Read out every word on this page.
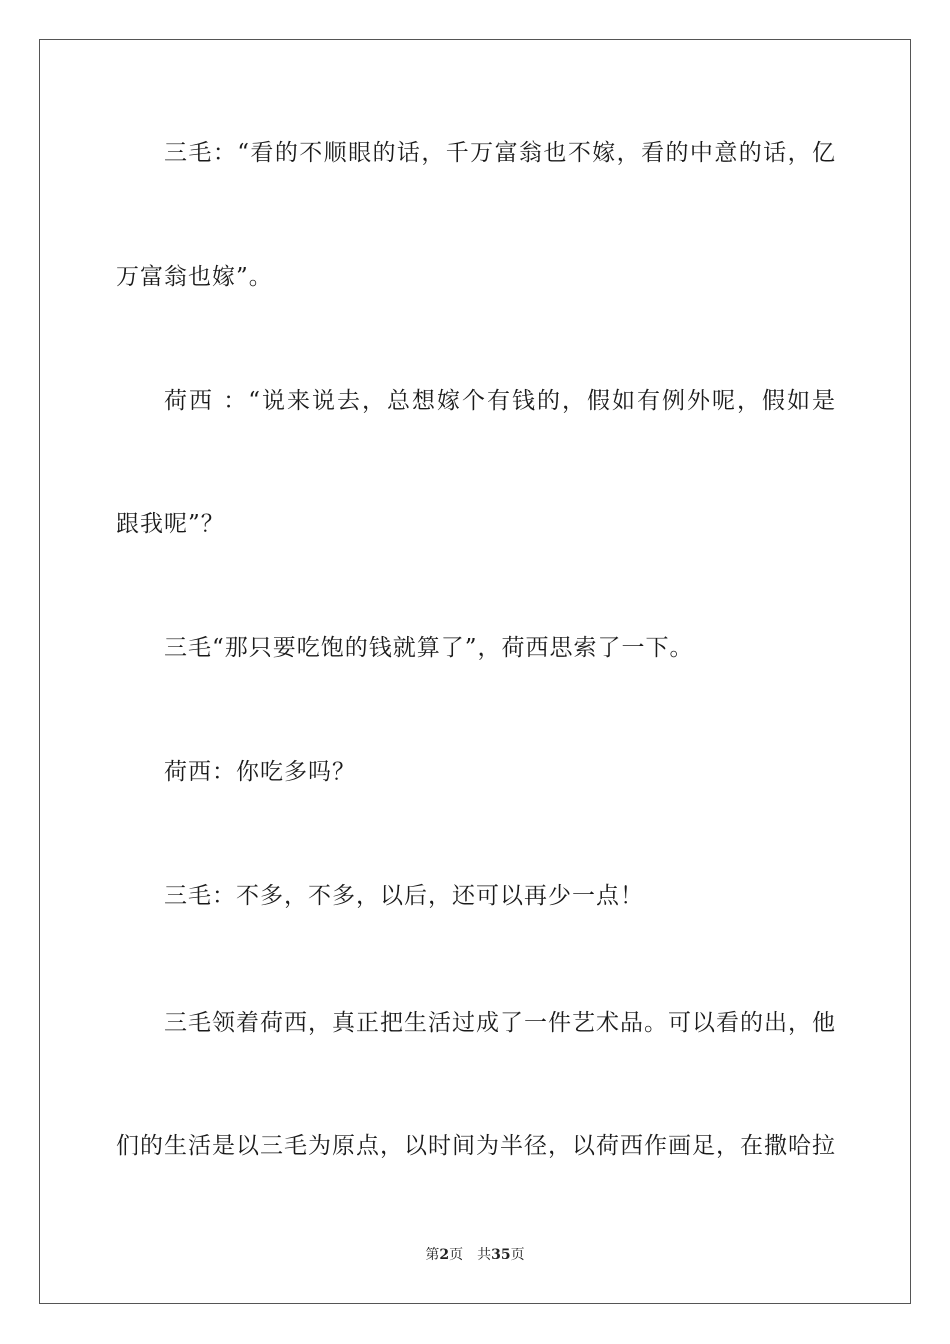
三毛：“看的不顺眼的话，千万富翁也不嫁，看的中意的话，亿
万富翁也嫁”。
荷西 ：“说来说去，总想嫁个有钱的，假如有例外呢，假如是
跟我呢”？
三毛“那只要吃饱的钱就算了”，荷西思索了一下。
荷西：你吃多吗？
三毛：不多，不多，以后，还可以再少一点！
三毛领着荷西，真正把生活过成了一件艺术品。可以看的出，他
们的生活是以三毛为原点，以时间为半径，以荷西作画足，在撒哈拉
第2页 共35页
